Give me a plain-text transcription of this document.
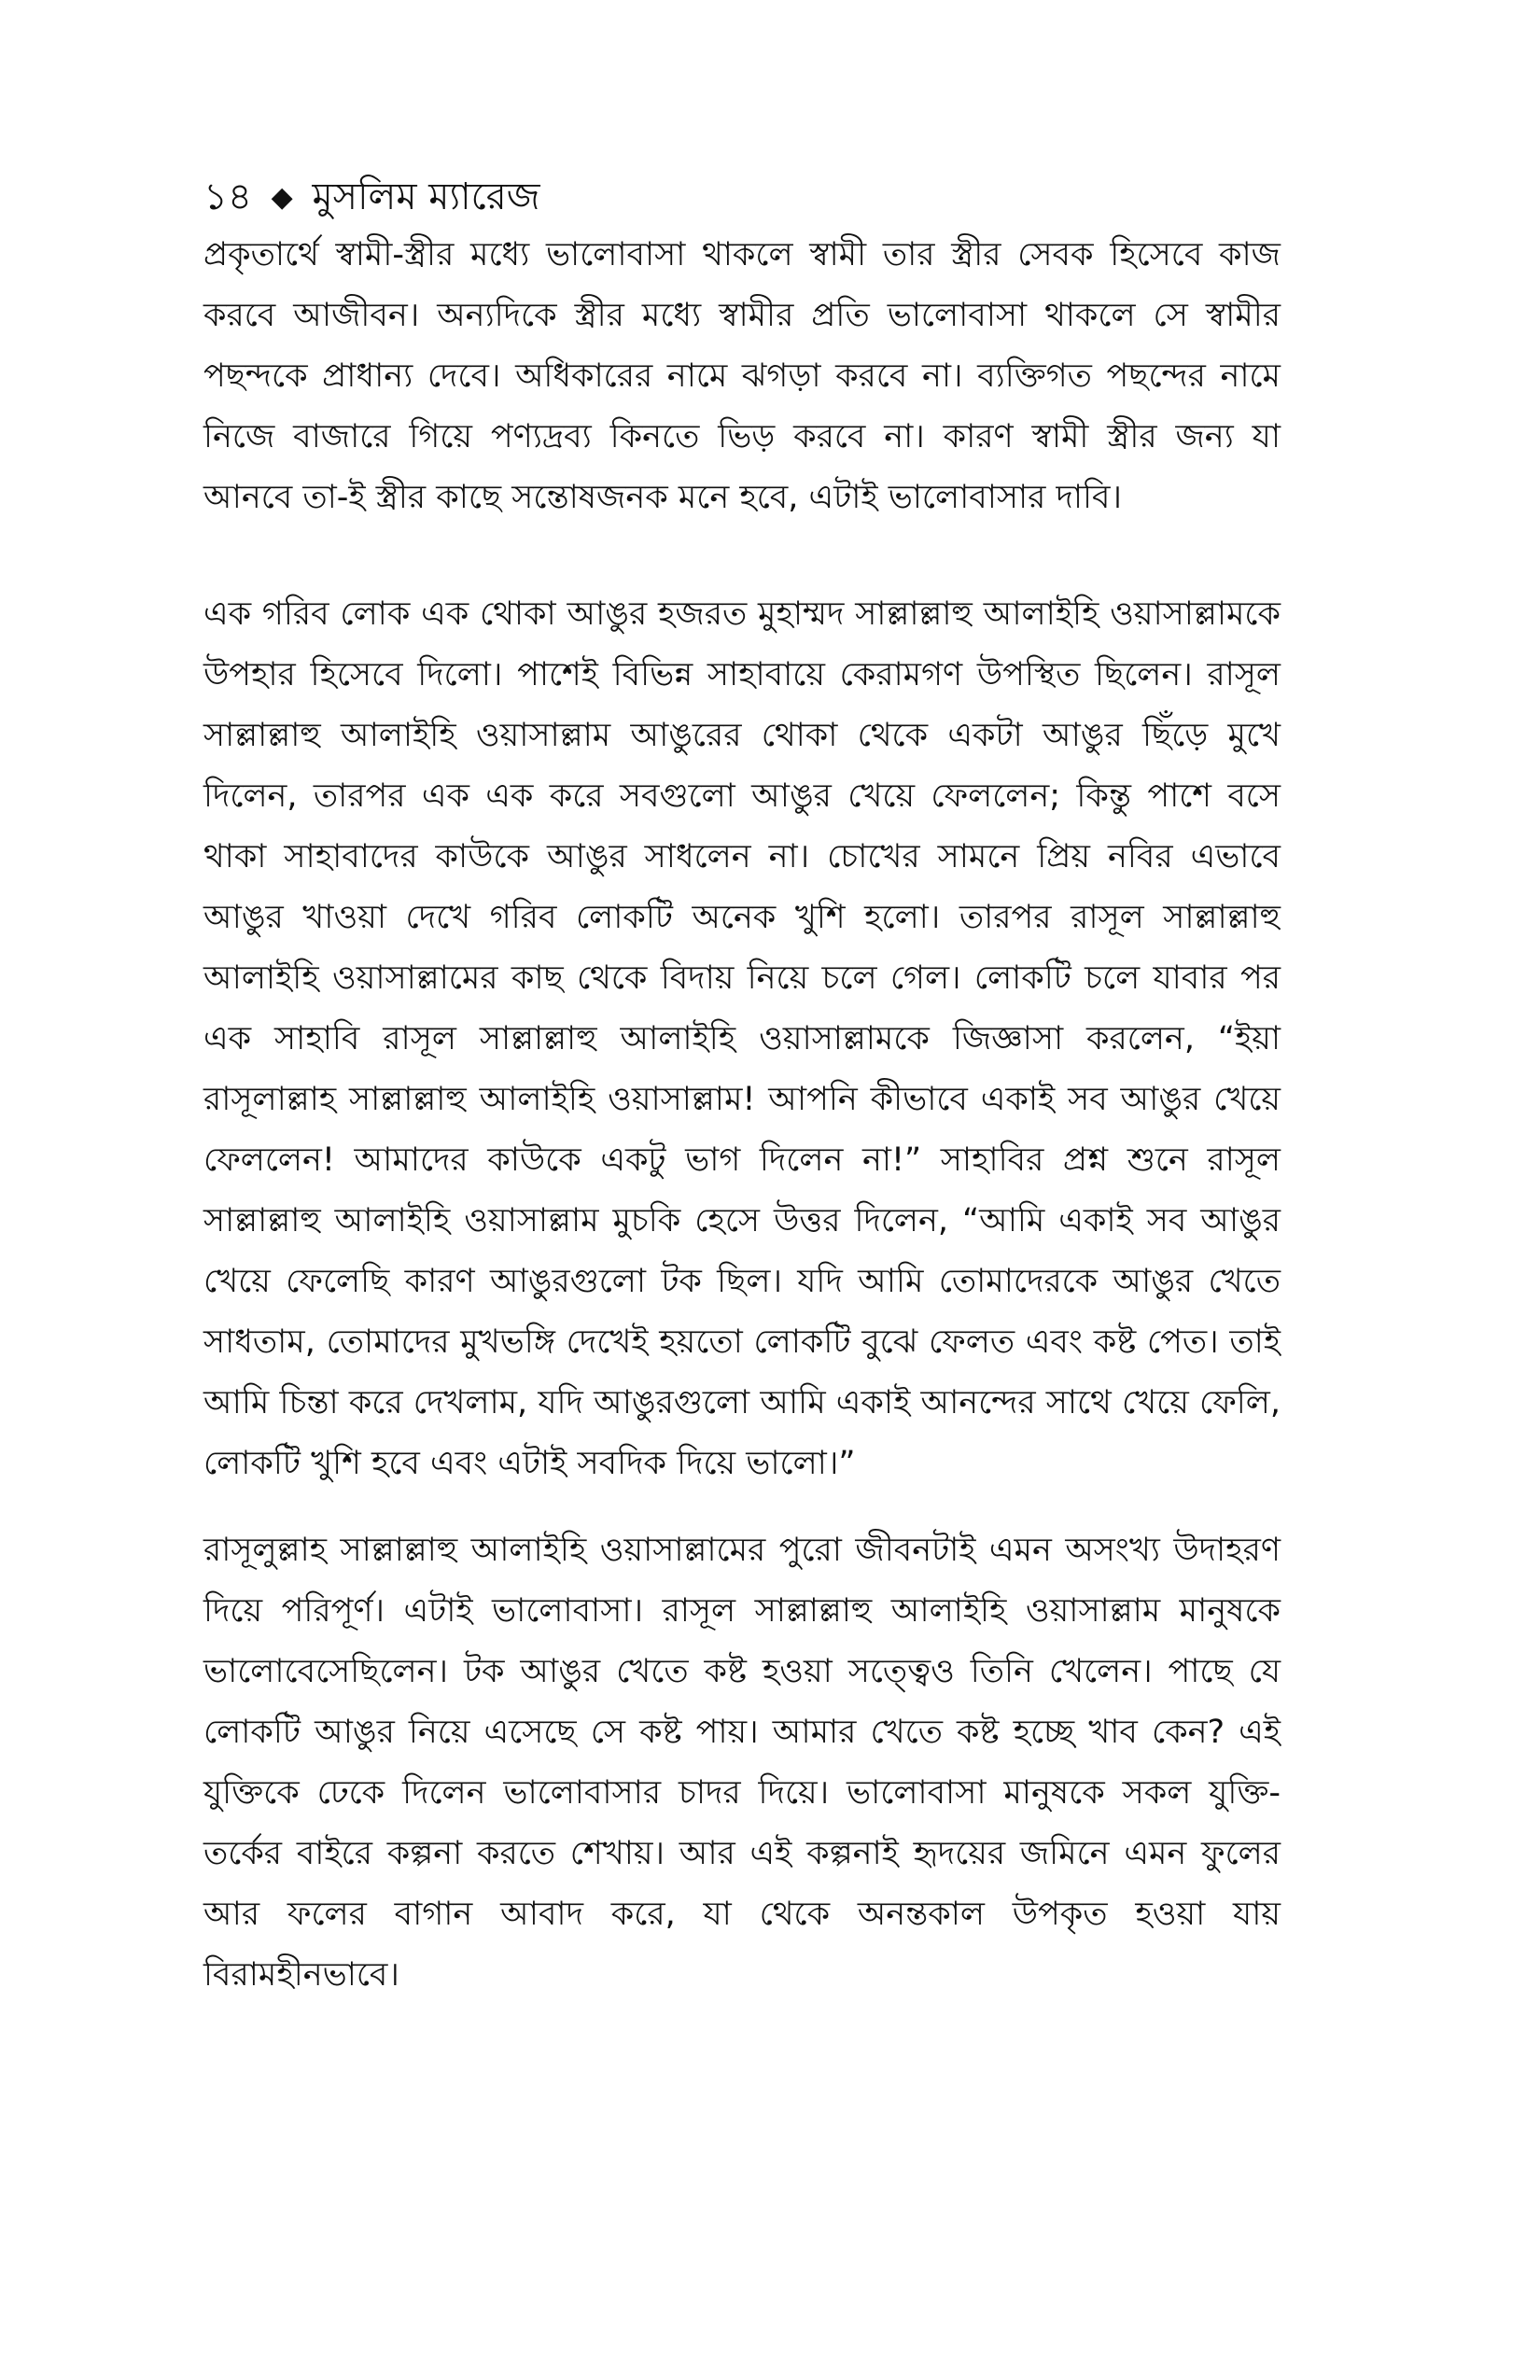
১৪ ◆ মুসলিম ম্যারেজ

প্রকৃতার্থে স্বামী-স্ত্রীর মধ্যে ভালোবাসা থাকলে স্বামী তার স্ত্রীর সেবক হিসেবে কাজ করবে আজীবন। অন্যদিকে স্ত্রীর মধ্যে স্বামীর প্রতি ভালোবাসা থাকলে সে স্বামীর পছন্দকে প্রাধান্য দেবে। অধিকারের নামে ঝগড়া করবে না। ব্যক্তিগত পছন্দের নামে নিজে বাজারে গিয়ে পণ্যদ্রব্য কিনতে ভিড় করবে না। কারণ স্বামী স্ত্রীর জন্য যা আনবে তা-ই স্ত্রীর কাছে সন্তোষজনক মনে হবে, এটাই ভালোবাসার দাবি।

এক গরিব লোক এক থোকা আঙুর হজরত মুহাম্মদ সাল্লাল্লাহু আলাইহি ওয়াসাল্লামকে উপহার হিসেবে দিলো। পাশেই বিভিন্ন সাহাবায়ে কেরামগণ উপস্থিত ছিলেন। রাসূল সাল্লাল্লাহু আলাইহি ওয়াসাল্লাম আঙুরের থোকা থেকে একটা আঙুর ছিঁড়ে মুখে দিলেন, তারপর এক এক করে সবগুলো আঙুর খেয়ে ফেললেন; কিন্তু পাশে বসে থাকা সাহাবাদের কাউকে আঙুর সাধলেন না। চোখের সামনে প্রিয় নবির এভাবে আঙুর খাওয়া দেখে গরিব লোকটি অনেক খুশি হলো। তারপর রাসূল সাল্লাল্লাহু আলাইহি ওয়াসাল্লামের কাছ থেকে বিদায় নিয়ে চলে গেল। লোকটি চলে যাবার পর এক সাহাবি রাসূল সাল্লাল্লাহু আলাইহি ওয়াসাল্লামকে জিজ্ঞাসা করলেন, “ইয়া রাসূলাল্লাহ সাল্লাল্লাহু আলাইহি ওয়াসাল্লাম! আপনি কীভাবে একাই সব আঙুর খেয়ে ফেললেন! আমাদের কাউকে একটু ভাগ দিলেন না!” সাহাবির প্রশ্ন শুনে রাসূল সাল্লাল্লাহু আলাইহি ওয়াসাল্লাম মুচকি হেসে উত্তর দিলেন, “আমি একাই সব আঙুর খেয়ে ফেলেছি কারণ আঙুরগুলো টক ছিল। যদি আমি তোমাদেরকে আঙুর খেতে সাধতাম, তোমাদের মুখভঙ্গি দেখেই হয়তো লোকটি বুঝে ফেলত এবং কষ্ট পেত। তাই আমি চিন্তা করে দেখলাম, যদি আঙুরগুলো আমি একাই আনন্দের সাথে খেয়ে ফেলি, লোকটি খুশি হবে এবং এটাই সবদিক দিয়ে ভালো।”

রাসূলুল্লাহ সাল্লাল্লাহু আলাইহি ওয়াসাল্লামের পুরো জীবনটাই এমন অসংখ্য উদাহরণ দিয়ে পরিপূর্ণ। এটাই ভালোবাসা। রাসূল সাল্লাল্লাহু আলাইহি ওয়াসাল্লাম মানুষকে ভালোবেসেছিলেন। টক আঙুর খেতে কষ্ট হওয়া সত্ত্বেও তিনি খেলেন। পাছে যে লোকটি আঙুর নিয়ে এসেছে সে কষ্ট পায়। আমার খেতে কষ্ট হচ্ছে খাব কেন? এই যুক্তিকে ঢেকে দিলেন ভালোবাসার চাদর দিয়ে। ভালোবাসা মানুষকে সকল যুক্তি-তর্কের বাইরে কল্পনা করতে শেখায়। আর এই কল্পনাই হৃদয়ের জমিনে এমন ফুলের আর ফলের বাগান আবাদ করে, যা থেকে অনন্তকাল উপকৃত হওয়া যায় বিরামহীনভাবে।
